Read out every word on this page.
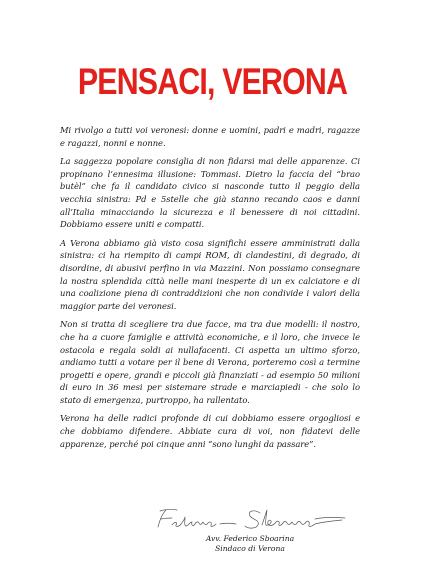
PENSACI, VERONA

Mi rivolgo a tutti voi veronesi: donne e uomini, padri e madri, ragazze e ragazzi, nonni e nonne.

La saggezza popolare consiglia di non fidarsi mai delle apparenze. Ci propinano l’ennesima illusione: Tommasi. Dietro la faccia del “brao butèl” che fa il candidato civico si nasconde tutto il peggio della vecchia sinistra: Pd e 5stelle che già stanno recando caos e danni all’Italia minacciando la sicurezza e il benessere di noi cittadini. Dobbiamo essere uniti e compatti.

A Verona abbiamo già visto cosa significhi essere amministrati dalla sinistra: ci ha riempito di campi ROM, di clandestini, di degrado, di disordine, di abusivi perfino in via Mazzini. Non possiamo consegnare la nostra splendida città nelle mani inesperte di un ex calciatore e di una coalizione piena di contraddizioni che non condivide i valori della maggior parte dei veronesi.

Non si tratta di scegliere tra due facce, ma tra due modelli: il nostro, che ha a cuore famiglie e attività economiche, e il loro, che invece le ostacola e regala soldi ai nullafacenti. Ci aspetta un ultimo sforzo, andiamo tutti a votare per il bene di Verona, porteremo così a termine progetti e opere, grandi e piccoli già finanziati - ad esempio 50 milioni di euro in 36 mesi per sistemare strade e marciapiedi - che solo lo stato di emergenza, purtroppo, ha rallentato.

Verona ha delle radici profonde di cui dobbiamo essere orgogliosi e che dobbiamo difendere. Abbiate cura di voi, non fidatevi delle apparenze, perché poi cinque anni “sono lunghi da passare”.

Avv. Federico Sboarina
Sindaco di Verona
